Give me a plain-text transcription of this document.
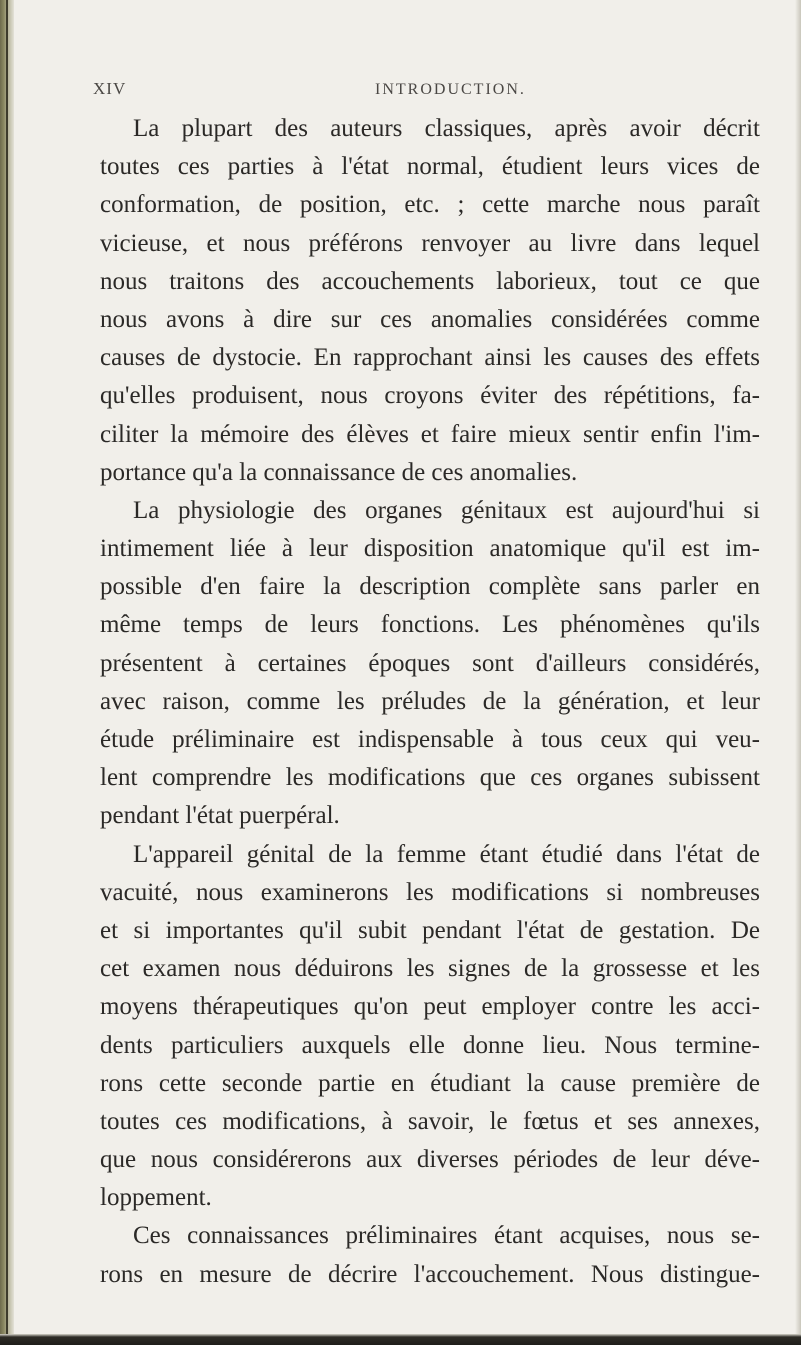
XIV	INTRODUCTION.
La plupart des auteurs classiques, après avoir décrit
toutes ces parties à l'état normal, étudient leurs vices de
conformation, de position, etc. ; cette marche nous paraît
vicieuse, et nous préférons renvoyer au livre dans lequel
nous traitons des accouchements laborieux, tout ce que
nous avons à dire sur ces anomalies considérées comme
causes de dystocie. En rapprochant ainsi les causes des effets
qu'elles produisent, nous croyons éviter des répétitions, fa-
ciliter la mémoire des élèves et faire mieux sentir enfin l'im-
portance qu'a la connaissance de ces anomalies.
La physiologie des organes génitaux est aujourd'hui si
intimement liée à leur disposition anatomique qu'il est im-
possible d'en faire la description complète sans parler en
même temps de leurs fonctions. Les phénomènes qu'ils
présentent à certaines époques sont d'ailleurs considérés,
avec raison, comme les préludes de la génération, et leur
étude préliminaire est indispensable à tous ceux qui veu-
lent comprendre les modifications que ces organes subissent
pendant l'état puerpéral.
L'appareil génital de la femme étant étudié dans l'état de
vacuité, nous examinerons les modifications si nombreuses
et si importantes qu'il subit pendant l'état de gestation. De
cet examen nous déduirons les signes de la grossesse et les
moyens thérapeutiques qu'on peut employer contre les acci-
dents particuliers auxquels elle donne lieu. Nous termine-
rons cette seconde partie en étudiant la cause première de
toutes ces modifications, à savoir, le fœtus et ses annexes,
que nous considérerons aux diverses périodes de leur déve-
loppement.
Ces connaissances préliminaires étant acquises, nous se-
rons en mesure de décrire l'accouchement. Nous distingue-
